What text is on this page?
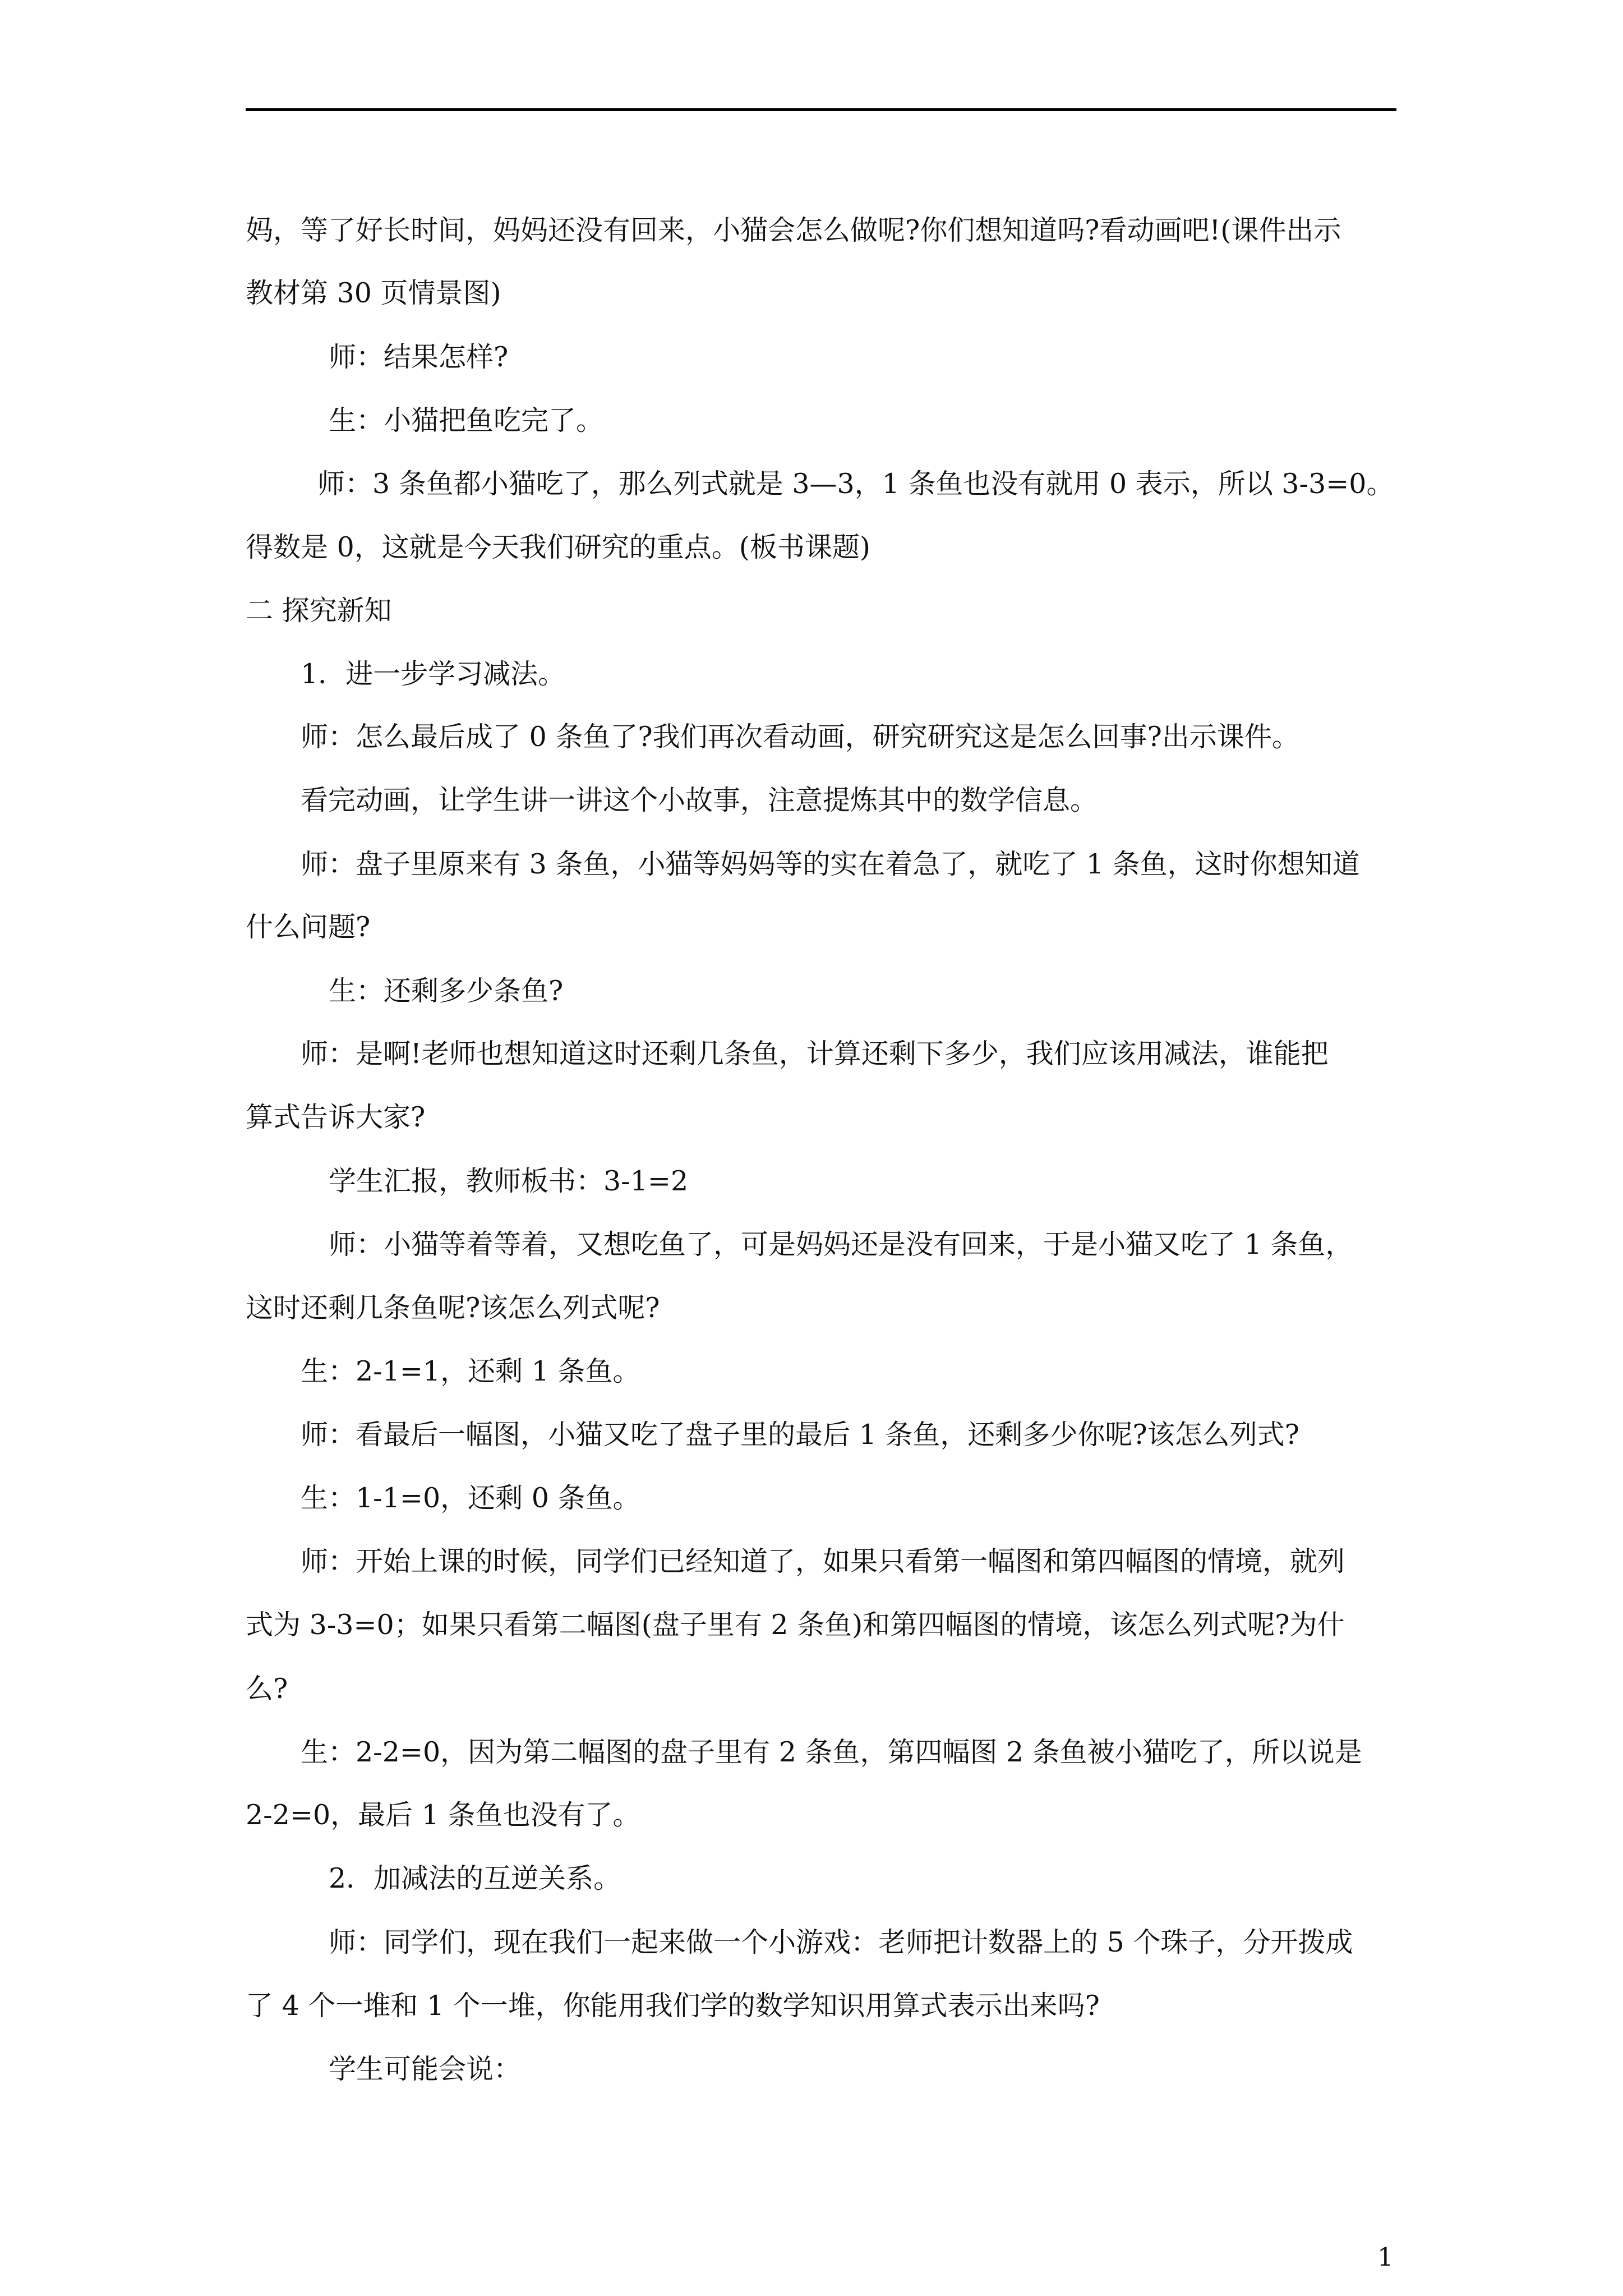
妈，等了好长时间，妈妈还没有回来，小猫会怎么做呢?你们想知道吗?看动画吧!(课件出示
教材第 30 页情景图)
师：结果怎样?
生：小猫把鱼吃完了。
师：3 条鱼都小猫吃了，那么列式就是 3—3，1 条鱼也没有就用 0 表示，所以 3-3=0。
得数是 0，这就是今天我们研究的重点。(板书课题)
二 探究新知
1．进一步学习减法。
师：怎么最后成了 0 条鱼了?我们再次看动画，研究研究这是怎么回事?出示课件。
看完动画，让学生讲一讲这个小故事，注意提炼其中的数学信息。
师：盘子里原来有 3 条鱼，小猫等妈妈等的实在着急了，就吃了 1 条鱼，这时你想知道
什么问题?
生：还剩多少条鱼?
师：是啊!老师也想知道这时还剩几条鱼，计算还剩下多少，我们应该用减法，谁能把
算式告诉大家?
学生汇报，教师板书：3-1=2
师：小猫等着等着，又想吃鱼了，可是妈妈还是没有回来，于是小猫又吃了 1 条鱼，
这时还剩几条鱼呢?该怎么列式呢?
生：2-1=1，还剩 1 条鱼。
师：看最后一幅图，小猫又吃了盘子里的最后 1 条鱼，还剩多少你呢?该怎么列式?
生：1-1=0，还剩 0 条鱼。
师：开始上课的时候，同学们已经知道了，如果只看第一幅图和第四幅图的情境，就列
式为 3-3=0；如果只看第二幅图(盘子里有 2 条鱼)和第四幅图的情境，该怎么列式呢?为什
么?
生：2-2=0，因为第二幅图的盘子里有 2 条鱼，第四幅图 2 条鱼被小猫吃了，所以说是
2-2=0，最后 1 条鱼也没有了。
2．加减法的互逆关系。
师：同学们，现在我们一起来做一个小游戏：老师把计数器上的 5 个珠子，分开拨成
了 4 个一堆和 1 个一堆，你能用我们学的数学知识用算式表示出来吗?
学生可能会说：
1
